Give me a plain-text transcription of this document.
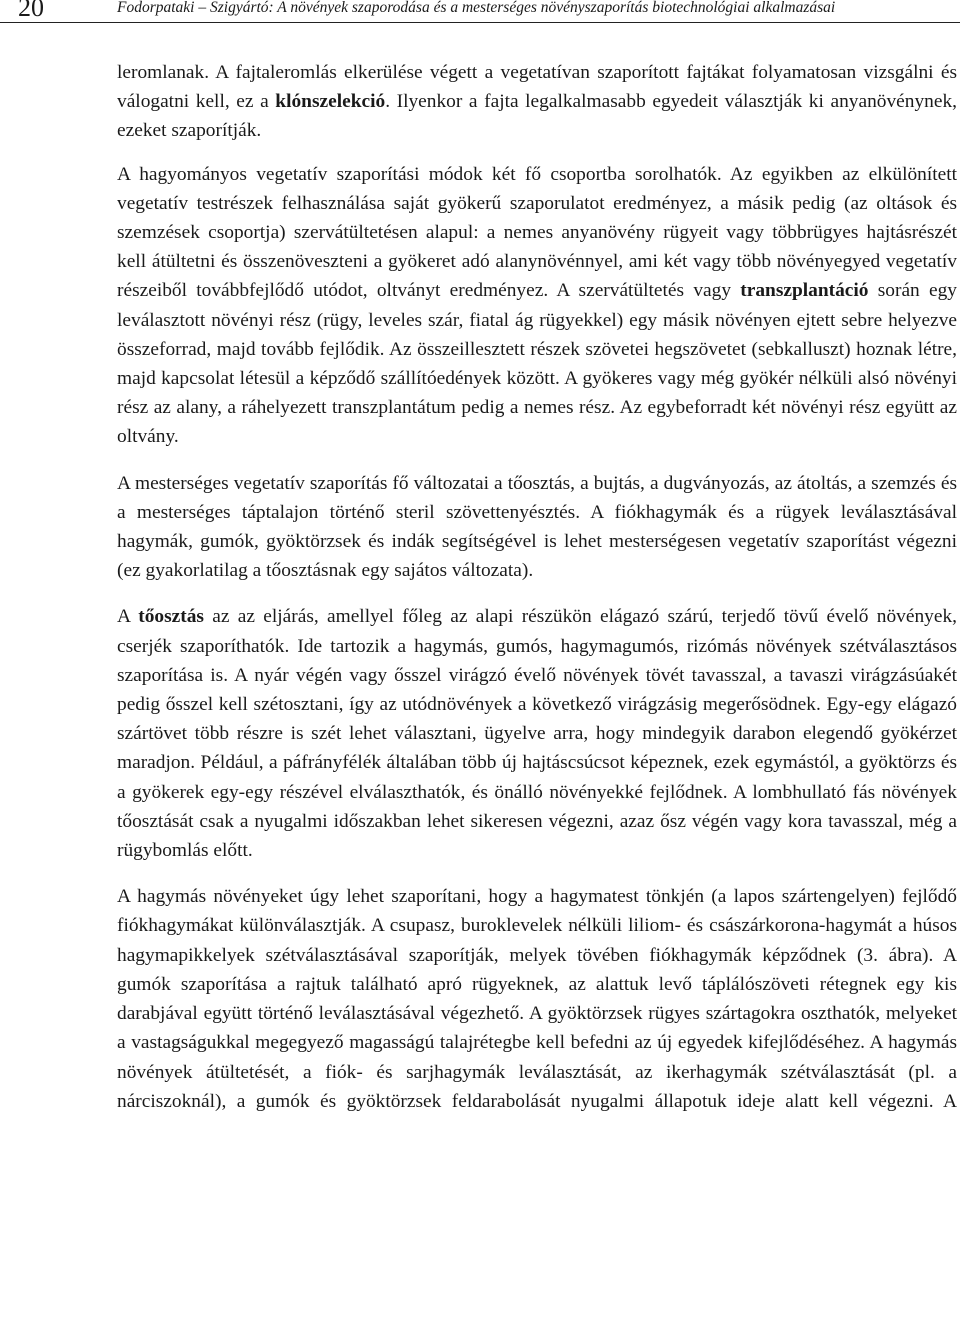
20	Fodorpataki – Szigyártó: A növények szaporodása és a mesterséges növényszaporítás biotechnológiai alkalmazásai

leromlanak. A fajtaleromlás elkerülése végett a vegetatívan szaporított fajtákat folyamatosan vizsgálni és válogatni kell, ez a klónszelekció. Ilyenkor a fajta legalkalmasabb egyedeit választják ki anyanövénynek, ezeket szaporítják.

A hagyományos vegetatív szaporítási módok két fő csoportba sorolhatók. Az egyikben az elkülönített vegetatív testrészek felhasználása saját gyökerű szaporulatot eredményez, a másik pedig (az oltások és szemzések csoportja) szervátültetésen alapul: a nemes anyanövény rügyeit vagy többrügyes hajtásrészét kell átültetni és összenöveszteni a gyökeret adó alanynövénnyel, ami két vagy több növényegyed vegetatív részeiből továbbfejlődő utódot, oltványt eredményez. A szervátültetés vagy transzplantáció során egy leválasztott növényi rész (rügy, leveles szár, fiatal ág rügyekkel) egy másik növényen ejtett sebre helyezve összeforrad, majd tovább fejlődik. Az összeillesztett részek szövetei hegszövetet (sebkalluszt) hoznak létre, majd kapcsolat létesül a képződő szállítóedények között. A gyökeres vagy még gyökér nélküli alsó növényi rész az alany, a ráhelyezett transzplantátum pedig a nemes rész. Az egybeforradt két növényi rész együtt az oltvány.

A mesterséges vegetatív szaporítás fő változatai a tőosztás, a bujtás, a dugványozás, az átoltás, a szemzés és a mesterséges táptalajon történő steril szövettenyésztés. A fiókhagymák és a rügyek leválasztásával hagymák, gumók, gyöktörzsek és indák segítségével is lehet mesterségesen vegetatív szaporítást végezni (ez gyakorlatilag a tőosztásnak egy sajátos változata).

A tőosztás az az eljárás, amellyel főleg az alapi részükön elágazó szárú, terjedő tövű évelő növények, cserjék szaporíthatók. Ide tartozik a hagymás, gumós, hagymagumós, rizómás növények szétválasztásos szaporítása is. A nyár végén vagy ősszel virágzó évelő növények tövét tavasszal, a tavaszi virágzásúakét pedig ősszel kell szétosztani, így az utódnövények a következő virágzásig megerősödnek. Egy-egy elágazó szártövet több részre is szét lehet választani, ügyelve arra, hogy mindegyik darabon elegendő gyökérzet maradjon. Például, a páfrányfélék általában több új hajtáscsúcsot képeznek, ezek egymástól, a gyöktörzs és a gyökerek egy-egy részével elválaszthatók, és önálló növényekké fejlődnek. A lombhullató fás növények tőosztását csak a nyugalmi időszakban lehet sikeresen végezni, azaz ősz végén vagy kora tavasszal, még a rügybomlás előtt.

A hagymás növényeket úgy lehet szaporítani, hogy a hagymatest tönkjén (a lapos szártengelyen) fejlődő fiókhagymákat különválasztják. A csupasz, buroklevelek nélküli liliom- és császárkorona-hagymát a húsos hagymapikkelyek szétválasztásával szaporítják, melyek tövében fiókhagymák képződnek (3. ábra). A gumók szaporítása a rajtuk található apró rügyeknek, az alattuk levő táplálószöveti rétegnek egy kis darabjával együtt történő leválasztásával végezhető. A gyöktörzsek rügyes szártagokra oszthatók, melyeket a vastagságukkal megegyező magasságú talajrétegbe kell befedni az új egyedek kifejlődéséhez. A hagymás növények átültetését, a fiók- és sarjhagymák leválasztását, az ikerhagymák szétválasztását (pl. a nárciszoknál), a gumók és gyöktörzsek feldarabolását nyugalmi állapotuk ideje alatt kell végezni. A
